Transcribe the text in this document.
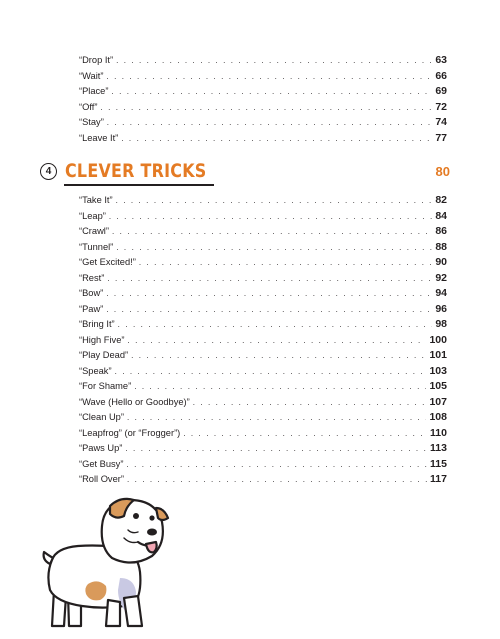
“Drop It” . . .	63
“Wait” . . .	66
“Place” . . .	69
“Off” . . .	72
“Stay” . . .	74
“Leave It” . . .	77
4 CLEVER TRICKS	80
“Take It” . . .	82
“Leap” . . .	84
“Crawl” . . .	86
“Tunnel” . . .	88
“Get Excited!” . . .	90
“Rest” . . .	92
“Bow” . . .	94
“Paw” . . .	96
“Bring It” . . .	98
“High Five” . . .	100
“Play Dead” . . .	101
“Speak” . . .	103
“For Shame” . . .	105
“Wave (Hello or Goodbye)” . . .	107
“Clean Up” . . .	108
“Leapfrog” (or “Frogger”) . . .	110
“Paws Up” . . .	113
“Get Busy” . . .	115
“Roll Over” . . .	117
